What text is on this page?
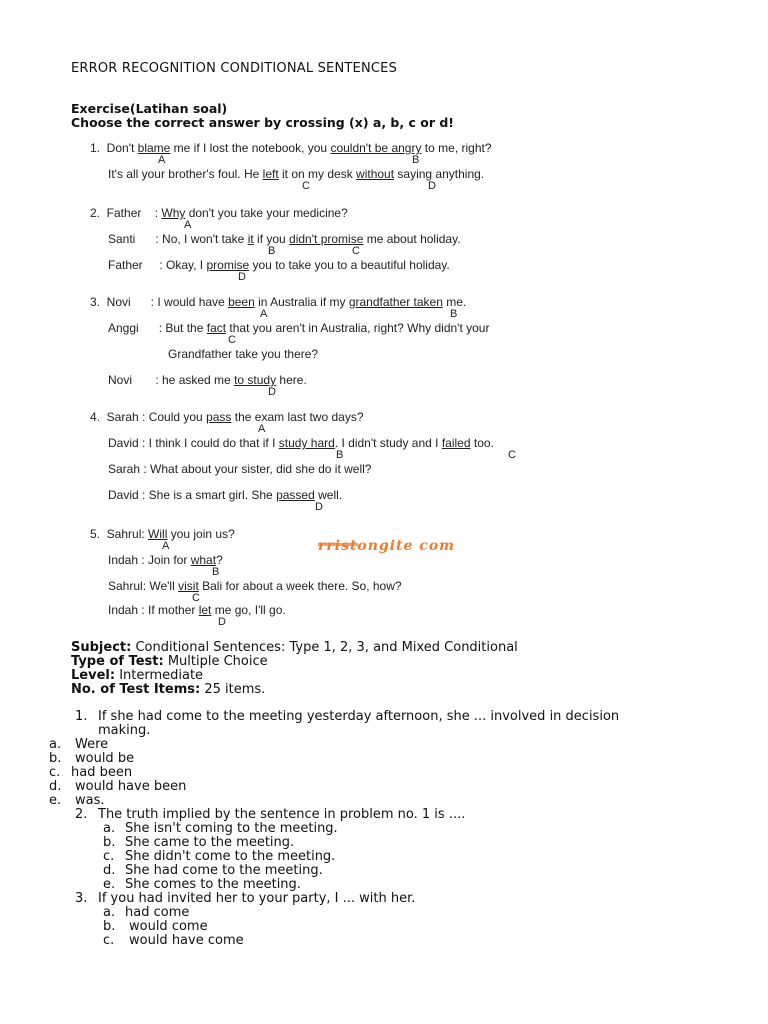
ERROR RECOGNITION CONDITIONAL SENTENCES
Exercise(Latihan soal)
Choose the correct answer by crossing (x) a, b, c or d!
1.  Don't blame me if I lost the notebook, you couldn't be angry to me, right?
A	B
It's all your brother's foul. He left it on my desk without saying anything.
C	D
2.  Father    : Why don't you take your medicine?
A
Santi      : No, I won't take it if you didn't promise me about holiday.
B	C
Father     : Okay, I promise you to take you to a beautiful holiday.
D
3.  Novi      : I would have been in Australia if my grandfather taken me.
A	B
Anggi      : But the fact that you aren't in Australia, right? Why didn't your
C
Grandfather take you there?
Novi       : he asked me to study here.
D
4.  Sarah : Could you pass the exam last two days?
A
David : I think I could do that if I study hard. I didn't study and I failed too.
B	C
Sarah : What about your sister, did she do it well?
David : She is a smart girl. She passed well.
D
5.  Sahrul: Will you join us?
A
Indah : Join for what?
B
Sahrul: We'll visit Bali for about a week there. So, how?
C
Indah : If mother let me go, I'll go.
D
rristongite com
Subject: Conditional Sentences: Type 1, 2, 3, and Mixed Conditional
Type of Test: Multiple Choice
Level: Intermediate
No. of Test Items: 25 items.
1. If she had come to the meeting yesterday afternoon, she ... involved in decision
making.
a. Were
b. would be
c. had been
d. would have been
e. was.
2. The truth implied by the sentence in problem no. 1 is ....
a. She isn't coming to the meeting.
b. She came to the meeting.
c. She didn't come to the meeting.
d. She had come to the meeting.
e. She comes to the meeting.
3. If you had invited her to your party, I ... with her.
a. had come
b. would come
c. would have come
